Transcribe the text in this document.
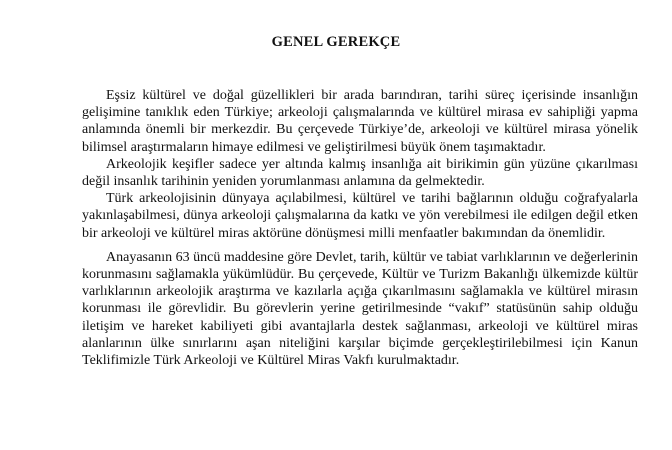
GENEL GEREKÇE

Eşsiz kültürel ve doğal güzellikleri bir arada barındıran, tarihi süreç içerisinde insanlığın gelişimine tanıklık eden Türkiye; arkeoloji çalışmalarında ve kültürel mirasa ev sahipliği yapma anlamında önemli bir merkezdir. Bu çerçevede Türkiye’de, arkeoloji ve kültürel mirasa yönelik bilimsel araştırmaların himaye edilmesi ve geliştirilmesi büyük önem taşımaktadır.

Arkeolojik keşifler sadece yer altında kalmış insanlığa ait birikimin gün yüzüne çıkarılması değil insanlık tarihinin yeniden yorumlanması anlamına da gelmektedir.

Türk arkeolojisinin dünyaya açılabilmesi, kültürel ve tarihi bağlarının olduğu coğrafyalarla yakınlaşabilmesi, dünya arkeoloji çalışmalarına da katkı ve yön verebilmesi ile edilgen değil etken bir arkeoloji ve kültürel miras aktörüne dönüşmesi milli menfaatler bakımından da önemlidir.

Anayasanın 63 üncü maddesine göre Devlet, tarih, kültür ve tabiat varlıklarının ve değerlerinin korunmasını sağlamakla yükümlüdür. Bu çerçevede, Kültür ve Turizm Bakanlığı ülkemizde kültür varlıklarının arkeolojik araştırma ve kazılarla açığa çıkarılmasını sağlamakla ve kültürel mirasın korunması ile görevlidir. Bu görevlerin yerine getirilmesinde “vakıf” statüsünün sahip olduğu iletişim ve hareket kabiliyeti gibi avantajlarla destek sağlanması, arkeoloji ve kültürel miras alanlarının ülke sınırlarını aşan niteliğini karşılar biçimde gerçekleştirilebilmesi için Kanun Teklifimizle Türk Arkeoloji ve Kültürel Miras Vakfı kurulmaktadır.
